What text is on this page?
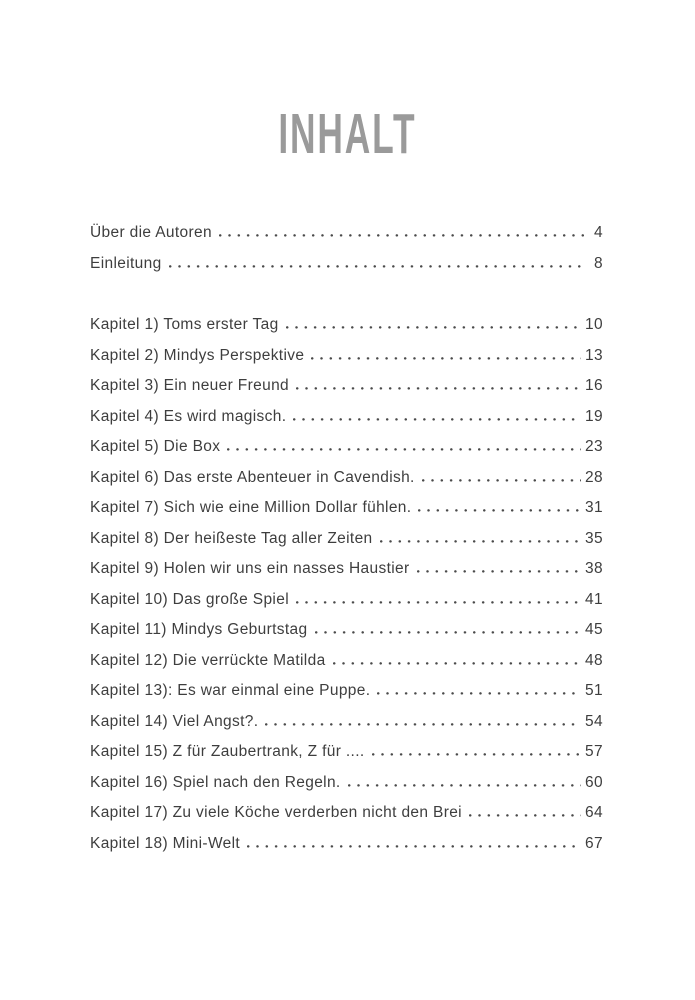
INHALT
Über die Autoren	4
Einleitung	8
Kapitel 1) Toms erster Tag	10
Kapitel 2) Mindys Perspektive	13
Kapitel 3) Ein neuer Freund	16
Kapitel 4) Es wird magisch.	19
Kapitel 5) Die Box	23
Kapitel 6) Das erste Abenteuer in Cavendish.	28
Kapitel 7) Sich wie eine Million Dollar fühlen.	31
Kapitel 8) Der heißeste Tag aller Zeiten	35
Kapitel 9) Holen wir uns ein nasses Haustier	38
Kapitel 10) Das große Spiel	41
Kapitel 11) Mindys Geburtstag	45
Kapitel 12) Die verrückte Matilda	48
Kapitel 13): Es war einmal eine Puppe.	51
Kapitel 14) Viel Angst?.	54
Kapitel 15) Z für Zaubertrank, Z für ....	57
Kapitel 16) Spiel nach den Regeln.	60
Kapitel 17) Zu viele Köche verderben nicht den Brei	64
Kapitel 18) Mini-Welt	67
